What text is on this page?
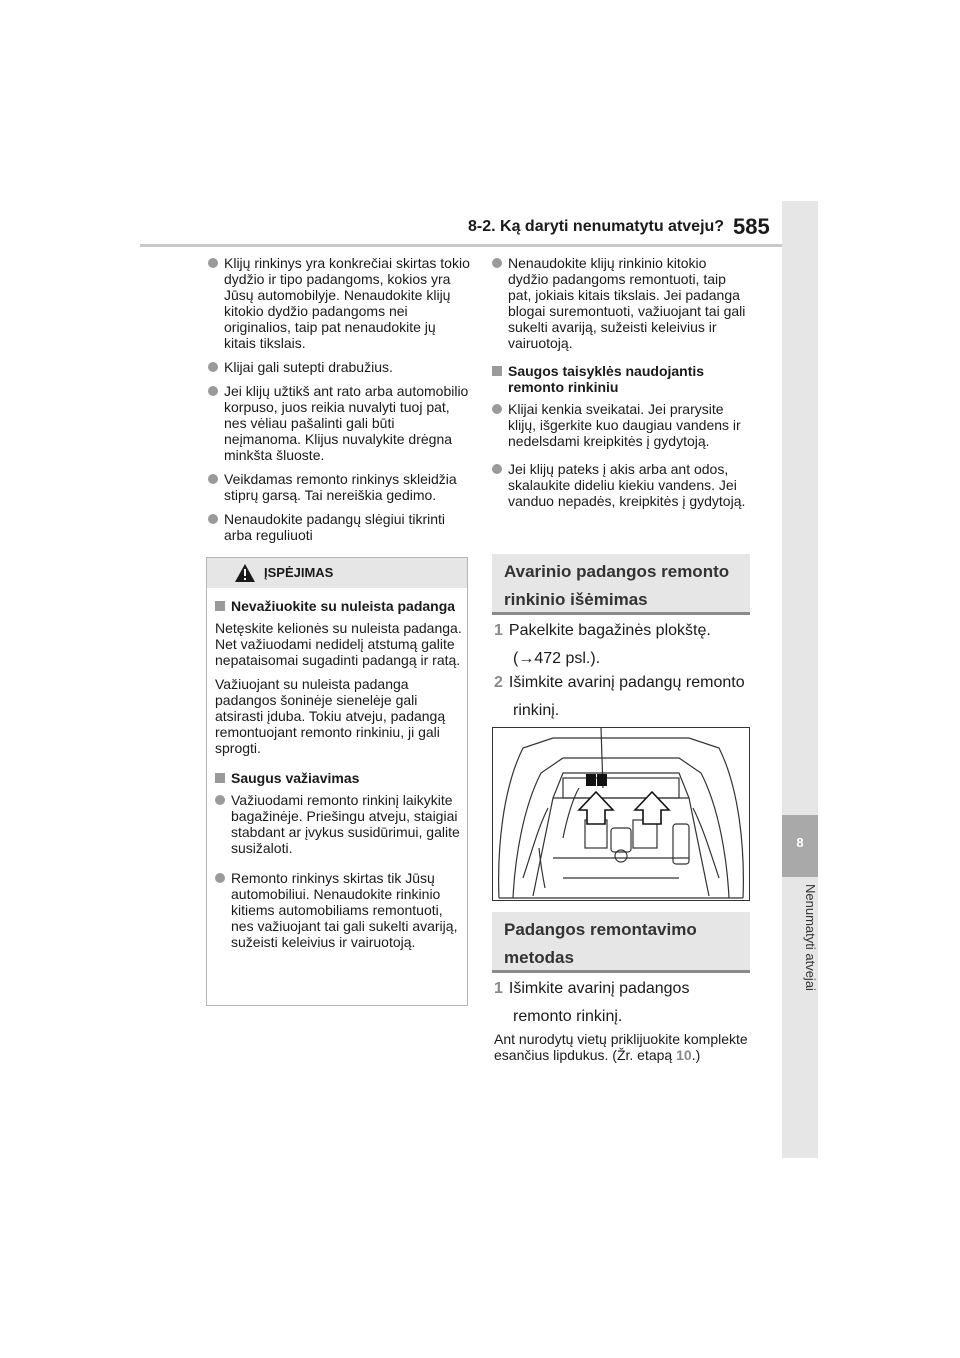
8-2. Ką daryti nenumatytu atveju? 585
8
Nenumatyti atvejai
Klijų rinkinys yra konkrečiai skirtas tokio dydžio ir tipo padangoms, kokios yra Jūsų automobilyje. Nenaudokite klijų kitokio dydžio padangoms nei originalios, taip pat nenaudokite jų kitais tikslais.
Klijai gali sutepti drabužius.
Jei klijų užtikš ant rato arba automobilio korpuso, juos reikia nuvalyti tuoj pat, nes vėliau pašalinti gali būti neįmanoma. Klijus nuvalykite drėgna minkšta šluoste.
Veikdamas remonto rinkinys skleidžia stiprų garsą. Tai nereiškia gedimo.
Nenaudokite padangų slėgiui tikrinti arba reguliuoti
ĮSPĖJIMAS
Nevažiuokite su nuleista padanga
Netęskite kelionės su nuleista padanga. Net važiuodami nedidelį atstumą galite nepataisomai sugadinti padangą ir ratą.
Važiuojant su nuleista padanga padangos šoninėje sienelėje gali atsirasti įduba. Tokiu atveju, padangą remontuojant remonto rinkiniu, ji gali sprogti.
Saugus važiavimas
Važiuodami remonto rinkinį laikykite bagažinėje. Priešingu atveju, staigiai stabdant ar įvykus susidūrimui, galite susižaloti.
Remonto rinkinys skirtas tik Jūsų automobiliui. Nenaudokite rinkinio kitiems automobiliams remontuoti, nes važiuojant tai gali sukelti avariją, sužeisti keleivius ir vairuotoją.
Nenaudokite klijų rinkinio kitokio dydžio padangoms remontuoti, taip pat, jokiais kitais tikslais. Jei padanga blogai suremontuoti, važiuojant tai gali sukelti avariją, sužeisti keleivius ir vairuotoją.
Saugos taisyklės naudojantis remonto rinkiniu
Klijai kenkia sveikatai. Jei prarysite klijų, išgerkite kuo daugiau vandens ir nedelsdami kreipkitės į gydytoją.
Jei klijų pateks į akis arba ant odos, skalaukite dideliu kiekiu vandens. Jei vanduo nepadės, kreipkitės į gydytoją.
Avarinio padangos remonto rinkinio išėmimas
1 Pakelkite bagažinės plokštę.
(→472 psl.).
2 Išimkite avarinį padangų remonto rinkinį.
Padangos remontavimo metodas
1 Išimkite avarinį padangos remonto rinkinį.
Ant nurodytų vietų priklijuokite komplekte esančius lipdukus. (Žr. etapą 10.)
